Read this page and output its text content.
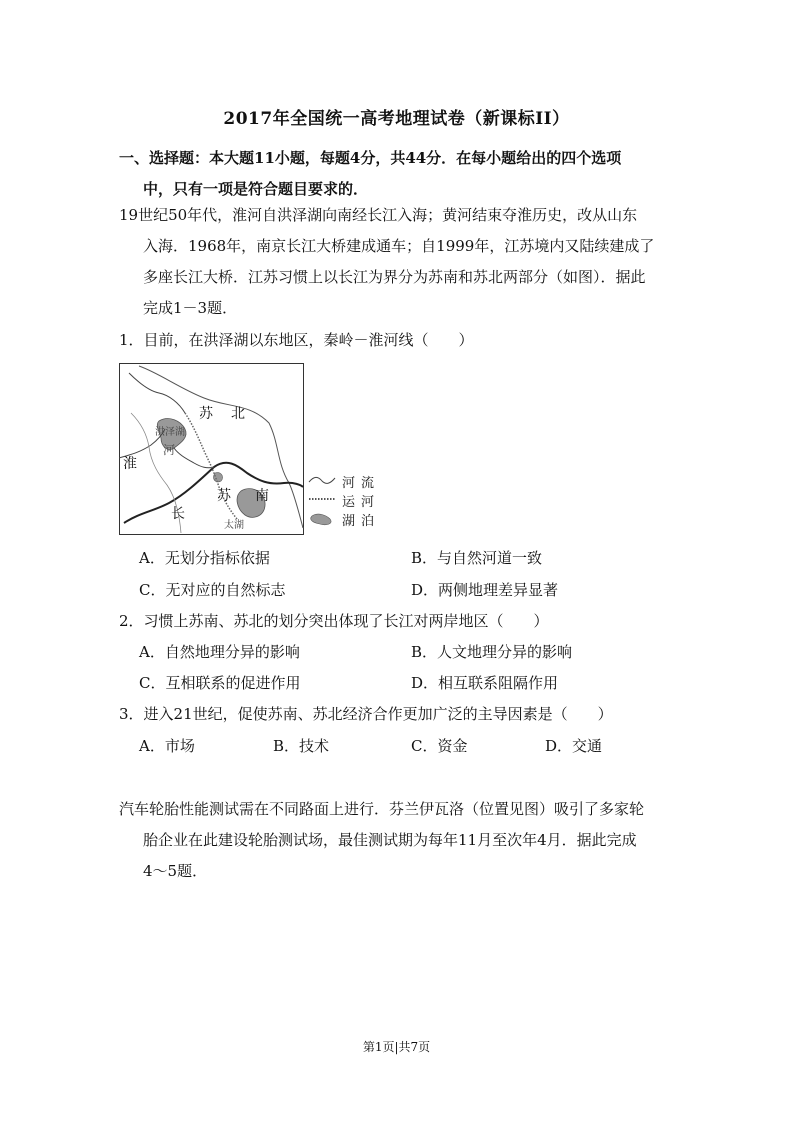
2017年全国统一高考地理试卷（新课标II）
一、选择题：本大题11小题，每题4分，共44分．在每小题给出的四个选项
中，只有一项是符合题目要求的．
19世纪50年代，淮河自洪泽湖向南经长江入海；黄河结束夺淮历史，改从山东
入海．1968年，南京长江大桥建成通车；自1999年，江苏境内又陆续建成了
多座长江大桥．江苏习惯上以长江为界分为苏南和苏北两部分（如图）．据此
完成1－3题．
1．目前，在洪泽湖以东地区，秦岭－淮河线（　　）
苏 北
洪泽湖
河
淮
苏 南
太湖
长
河流
运河
湖泊
A．无划分指标依据	B．与自然河道一致
C．无对应的自然标志	D．两侧地理差异显著
2．习惯上苏南、苏北的划分突出体现了长江对两岸地区（　　）
A．自然地理分异的影响	B．人文地理分异的影响
C．互相联系的促进作用	D．相互联系阻隔作用
3．进入21世纪，促使苏南、苏北经济合作更加广泛的主导因素是（　　）
A．市场	B．技术	C．资金	D．交通
汽车轮胎性能测试需在不同路面上进行．芬兰伊瓦洛（位置见图）吸引了多家轮
胎企业在此建设轮胎测试场，最佳测试期为每年11月至次年4月．据此完成
4～5题．
第1页|共7页
